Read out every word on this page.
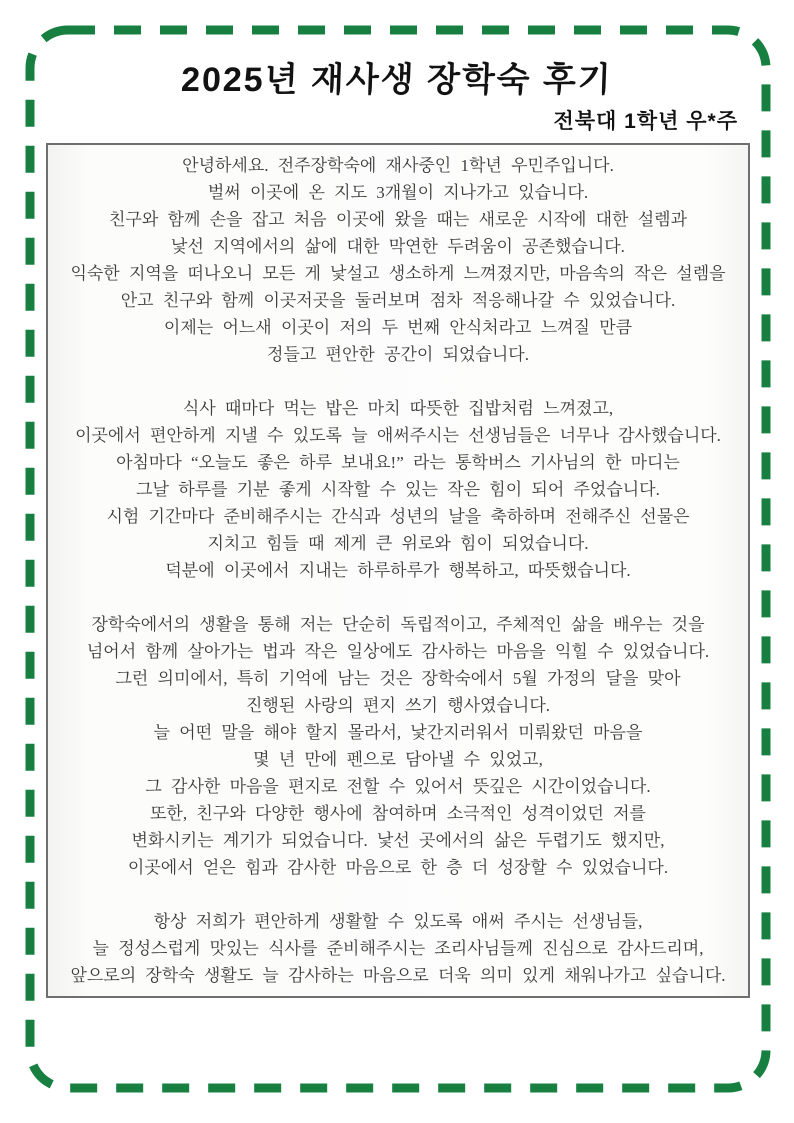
2025년 재사생 장학숙 후기
전북대 1학년 우*주

안녕하세요. 전주장학숙에 재사중인 1학년 우민주입니다.
벌써 이곳에 온 지도 3개월이 지나가고 있습니다.
친구와 함께 손을 잡고 처음 이곳에 왔을 때는 새로운 시작에 대한 설렘과
낯선 지역에서의 삶에 대한 막연한 두려움이 공존했습니다.
익숙한 지역을 떠나오니 모든 게 낯설고 생소하게 느껴졌지만, 마음속의 작은 설렘을
안고 친구와 함께 이곳저곳을 둘러보며 점차 적응해나갈 수 있었습니다.
이제는 어느새 이곳이 저의 두 번째 안식처라고 느껴질 만큼
정들고 편안한 공간이 되었습니다.

식사 때마다 먹는 밥은 마치 따뜻한 집밥처럼 느껴졌고,
이곳에서 편안하게 지낼 수 있도록 늘 애써주시는 선생님들은 너무나 감사했습니다.
아침마다 “오늘도 좋은 하루 보내요!” 라는 통학버스 기사님의 한 마디는
그날 하루를 기분 좋게 시작할 수 있는 작은 힘이 되어 주었습니다.
시험 기간마다 준비해주시는 간식과 성년의 날을 축하하며 전해주신 선물은
지치고 힘들 때 제게 큰 위로와 힘이 되었습니다.
덕분에 이곳에서 지내는 하루하루가 행복하고, 따뜻했습니다.

장학숙에서의 생활을 통해 저는 단순히 독립적이고, 주체적인 삶을 배우는 것을
넘어서 함께 살아가는 법과 작은 일상에도 감사하는 마음을 익힐 수 있었습니다.
그런 의미에서, 특히 기억에 남는 것은 장학숙에서 5월 가정의 달을 맞아
진행된 사랑의 편지 쓰기 행사였습니다.
늘 어떤 말을 해야 할지 몰라서, 낯간지러워서 미뤄왔던 마음을
몇 년 만에 펜으로 담아낼 수 있었고,
그 감사한 마음을 편지로 전할 수 있어서 뜻깊은 시간이었습니다.
또한, 친구와 다양한 행사에 참여하며 소극적인 성격이었던 저를
변화시키는 계기가 되었습니다. 낯선 곳에서의 삶은 두렵기도 했지만,
이곳에서 얻은 힘과 감사한 마음으로 한 층 더 성장할 수 있었습니다.

항상 저희가 편안하게 생활할 수 있도록 애써 주시는 선생님들,
늘 정성스럽게 맛있는 식사를 준비해주시는 조리사님들께 진심으로 감사드리며,
앞으로의 장학숙 생활도 늘 감사하는 마음으로 더욱 의미 있게 채워나가고 싶습니다.
